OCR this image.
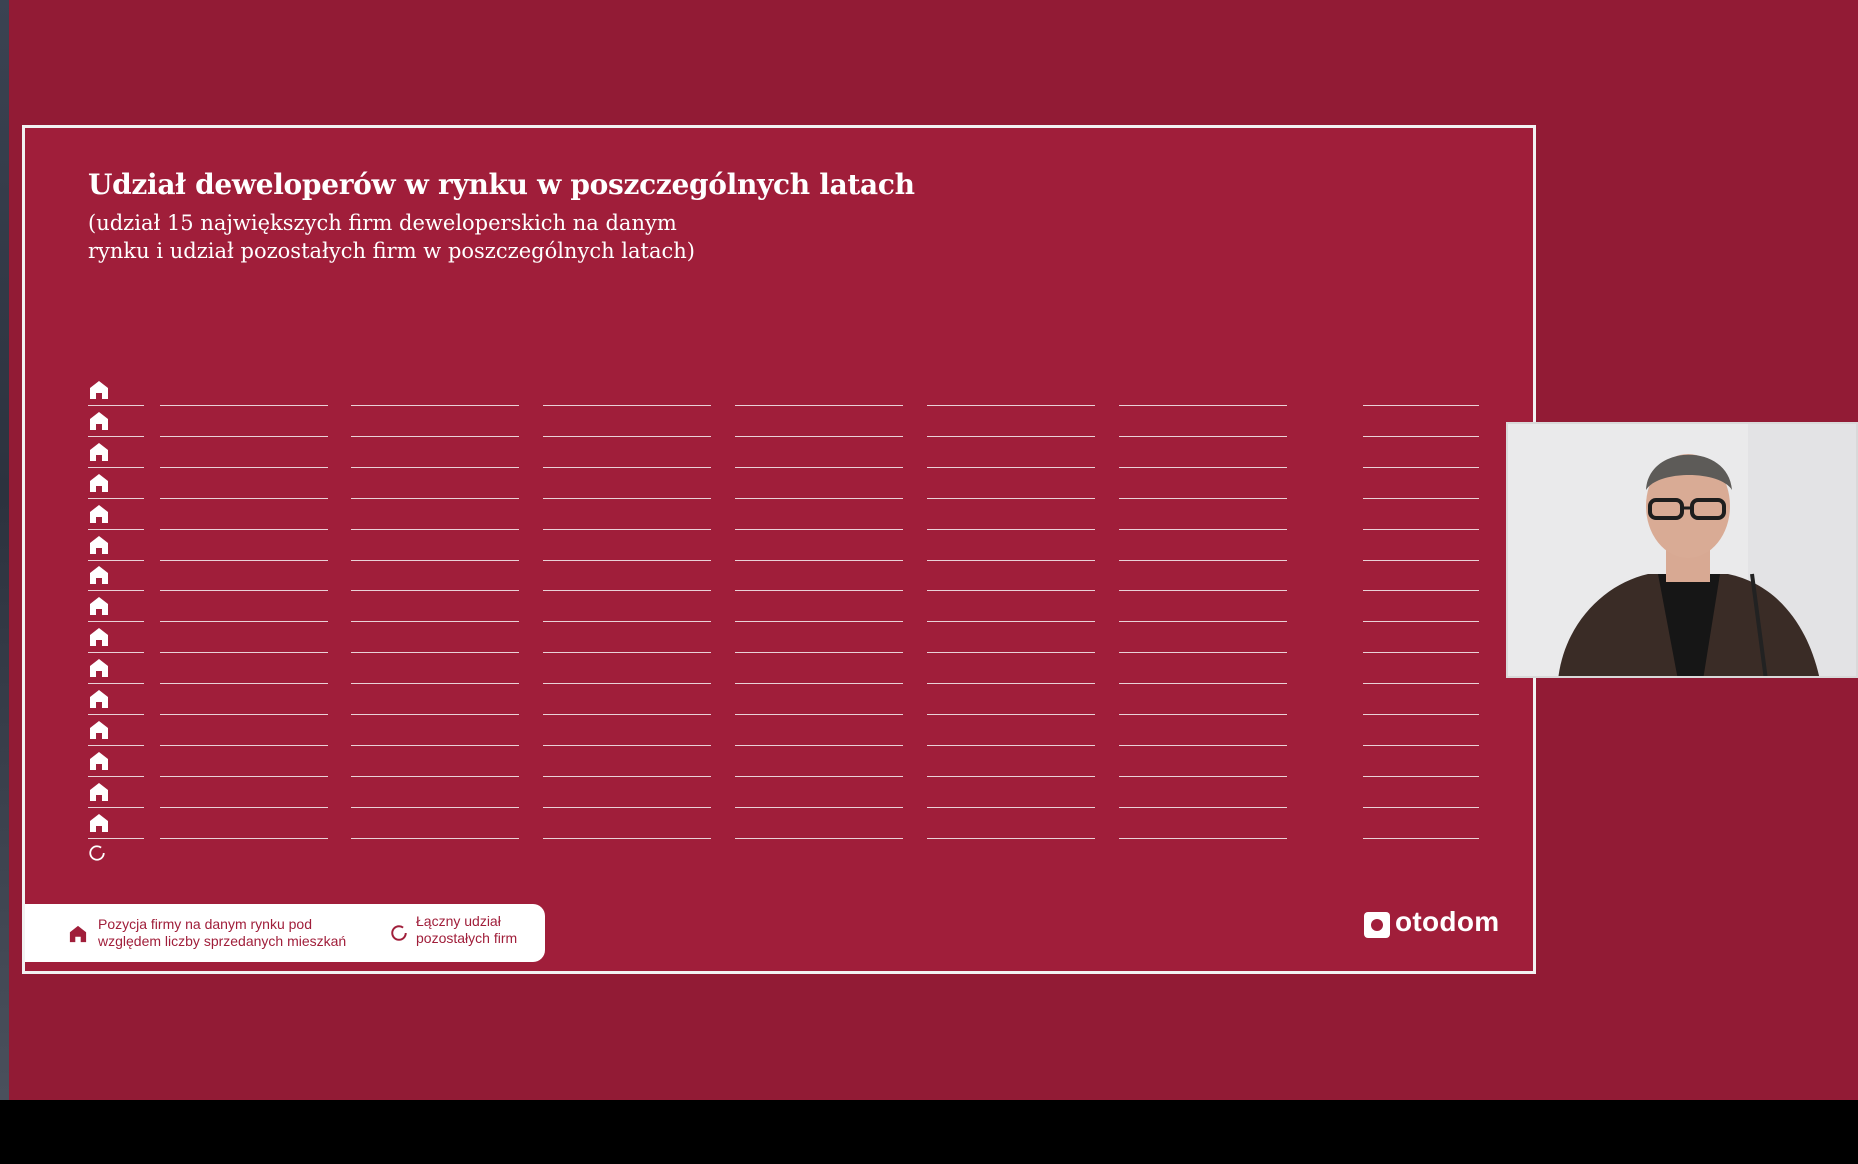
Udział deweloperów w rynku w poszczególnych latach
(udział 15 największych firm deweloperskich na danym
rynku i udział pozostałych firm w poszczególnych latach)
Pozycja firmy na danym rynku pod
względem liczby sprzedanych mieszkań
Łączny udział
pozostałych firm
otodom
